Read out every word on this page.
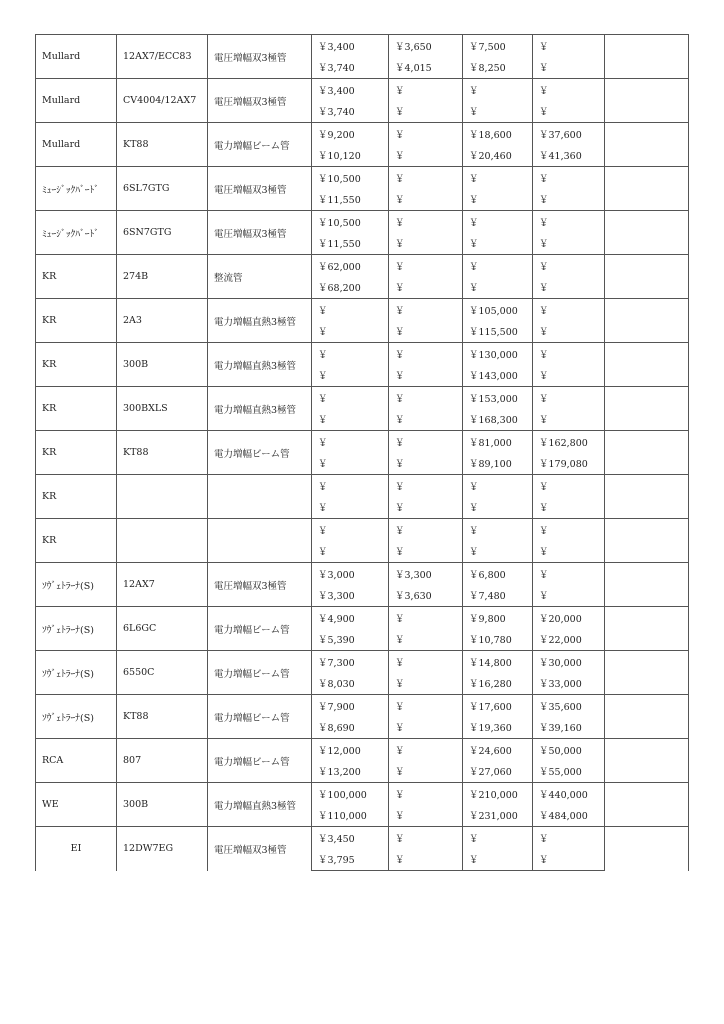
Mullard	12AX7/ECC83	電圧増幅双3極管	￥3,400	￥3,650	￥7,500	￥	
			￥3,740	￥4,015	￥8,250	￥	
Mullard	CV4004/12AX7	電圧増幅双3極管	￥3,400	￥	￥	￥	
			￥3,740	￥	￥	￥	
Mullard	KT88	電力増幅ビーム管	￥9,200	￥	￥18,600	￥37,600	
			￥10,120	￥	￥20,460	￥41,360	
ﾐｭｰｼﾞｯｸﾊﾞｰﾄﾞ	6SL7GTG	電圧増幅双3極管	￥10,500	￥	￥	￥	
			￥11,550	￥	￥	￥	
ﾐｭｰｼﾞｯｸﾊﾞｰﾄﾞ	6SN7GTG	電圧増幅双3極管	￥10,500	￥	￥	￥	
			￥11,550	￥	￥	￥	
KR	274B	整流管	￥62,000	￥	￥	￥	
			￥68,200	￥	￥	￥	
KR	2A3	電力増幅直熱3極管	￥	￥	￥105,000	￥	
			￥	￥	￥115,500	￥	
KR	300B	電力増幅直熱3極管	￥	￥	￥130,000	￥	
			￥	￥	￥143,000	￥	
KR	300BXLS	電力増幅直熱3極管	￥	￥	￥153,000	￥	
			￥	￥	￥168,300	￥	
KR	KT88	電力増幅ビーム管	￥	￥	￥81,000	￥162,800	
			￥	￥	￥89,100	￥179,080	
KR			￥	￥	￥	￥	
			￥	￥	￥	￥	
KR			￥	￥	￥	￥	
			￥	￥	￥	￥	
ｿｳﾞｪﾄﾗｰﾅ(S)	12AX7	電圧増幅双3極管	￥3,000	￥3,300	￥6,800	￥	
			￥3,300	￥3,630	￥7,480	￥	
ｿｳﾞｪﾄﾗｰﾅ(S)	6L6GC	電力増幅ビーム管	￥4,900	￥	￥9,800	￥20,000	
			￥5,390	￥	￥10,780	￥22,000	
ｿｳﾞｪﾄﾗｰﾅ(S)	6550C	電力増幅ビーム管	￥7,300	￥	￥14,800	￥30,000	
			￥8,030	￥	￥16,280	￥33,000	
ｿｳﾞｪﾄﾗｰﾅ(S)	KT88	電力増幅ビーム管	￥7,900	￥	￥17,600	￥35,600	
			￥8,690	￥	￥19,360	￥39,160	
RCA	807	電力増幅ビーム管	￥12,000	￥	￥24,600	￥50,000	
			￥13,200	￥	￥27,060	￥55,000	
WE	300B	電力増幅直熱3極管	￥100,000	￥	￥210,000	￥440,000	
			￥110,000	￥	￥231,000	￥484,000	
EI	12DW7EG	電圧増幅双3極管	￥3,450	￥	￥	￥	
			￥3,795	￥	￥	￥	
